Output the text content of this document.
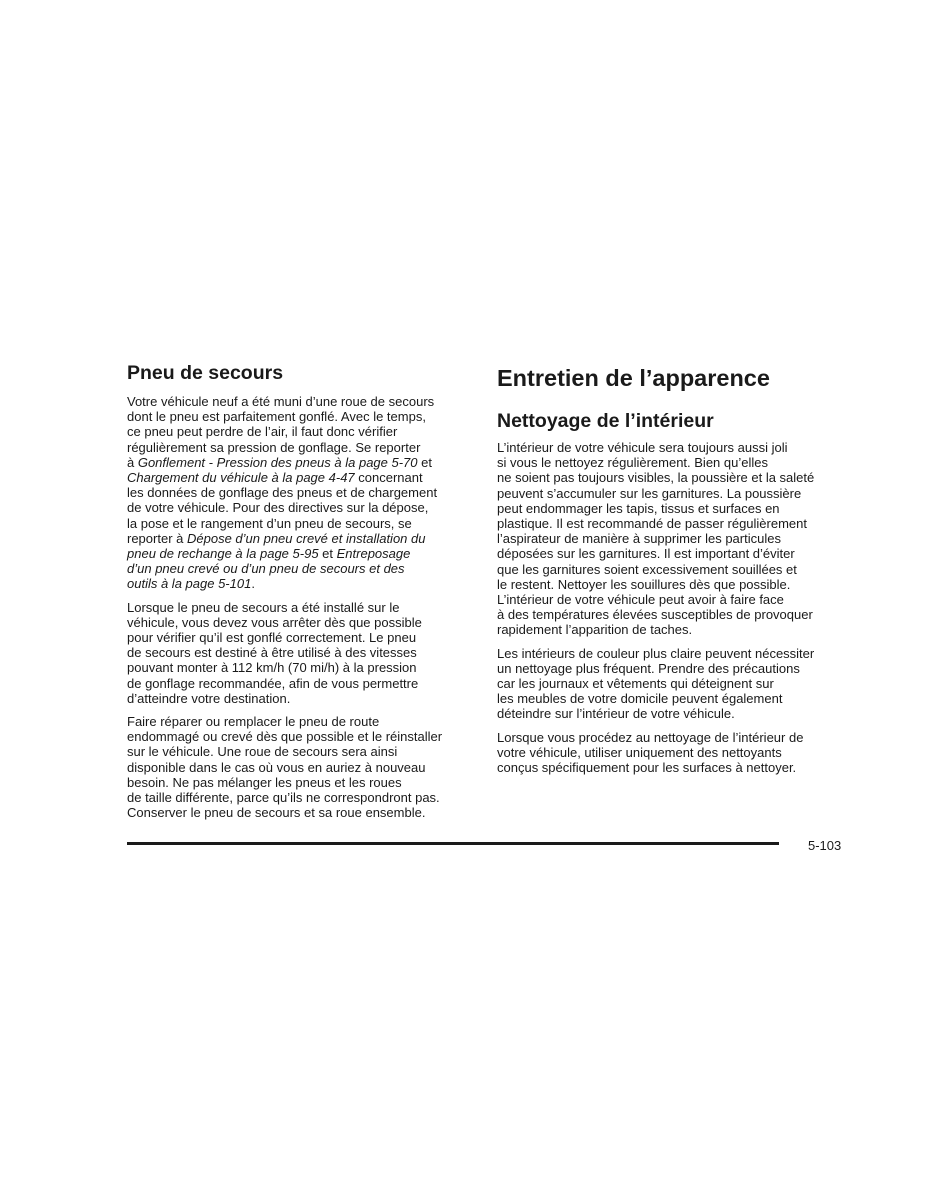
Pneu de secours

Votre véhicule neuf a été muni d’une roue de secours
dont le pneu est parfaitement gonflé. Avec le temps,
ce pneu peut perdre de l’air, il faut donc vérifier
régulièrement sa pression de gonflage. Se reporter
à Gonflement - Pression des pneus à la page 5-70 et
Chargement du véhicule à la page 4-47 concernant
les données de gonflage des pneus et de chargement
de votre véhicule. Pour des directives sur la dépose,
la pose et le rangement d’un pneu de secours, se
reporter à Dépose d’un pneu crevé et installation du
pneu de rechange à la page 5-95 et Entreposage
d’un pneu crevé ou d’un pneu de secours et des
outils à la page 5-101.

Lorsque le pneu de secours a été installé sur le
véhicule, vous devez vous arrêter dès que possible
pour vérifier qu’il est gonflé correctement. Le pneu
de secours est destiné à être utilisé à des vitesses
pouvant monter à 112 km/h (70 mi/h) à la pression
de gonflage recommandée, afin de vous permettre
d’atteindre votre destination.

Faire réparer ou remplacer le pneu de route
endommagé ou crevé dès que possible et le réinstaller
sur le véhicule. Une roue de secours sera ainsi
disponible dans le cas où vous en auriez à nouveau
besoin. Ne pas mélanger les pneus et les roues
de taille différente, parce qu’ils ne correspondront pas.
Conserver le pneu de secours et sa roue ensemble.

Entretien de l’apparence
Nettoyage de l’intérieur

L’intérieur de votre véhicule sera toujours aussi joli
si vous le nettoyez régulièrement. Bien qu’elles
ne soient pas toujours visibles, la poussière et la saleté
peuvent s’accumuler sur les garnitures. La poussière
peut endommager les tapis, tissus et surfaces en
plastique. Il est recommandé de passer régulièrement
l’aspirateur de manière à supprimer les particules
déposées sur les garnitures. Il est important d’éviter
que les garnitures soient excessivement souillées et
le restent. Nettoyer les souillures dès que possible.
L’intérieur de votre véhicule peut avoir à faire face
à des températures élevées susceptibles de provoquer
rapidement l’apparition de taches.

Les intérieurs de couleur plus claire peuvent nécessiter
un nettoyage plus fréquent. Prendre des précautions
car les journaux et vêtements qui déteignent sur
les meubles de votre domicile peuvent également
déteindre sur l’intérieur de votre véhicule.

Lorsque vous procédez au nettoyage de l’intérieur de
votre véhicule, utiliser uniquement des nettoyants
conçus spécifiquement pour les surfaces à nettoyer.

5-103
